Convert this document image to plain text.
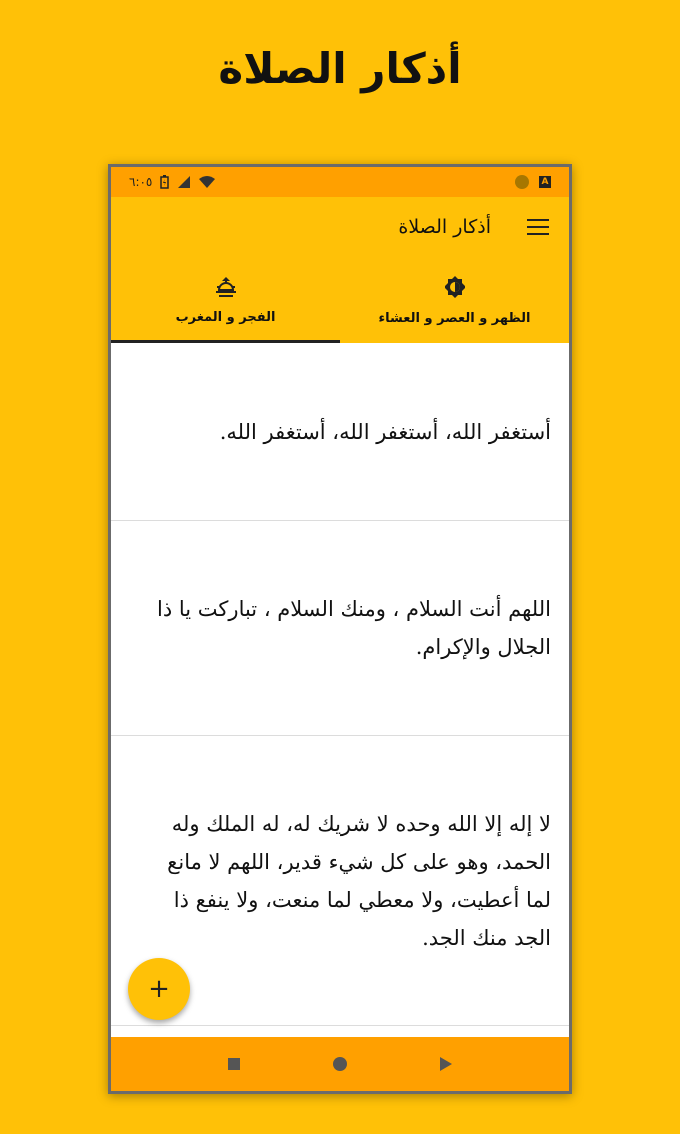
أذكار الصلاة
٦:٠٥	A
أذكار الصلاة
الفجر و المغرب	الظهر و العصر و العشاء

أستغفر الله، أستغفر الله، أستغفر الله.

اللهم أنت السلام ، ومنك السلام ، تباركت يا ذا الجلال والإكرام.

لا إله إلا الله وحده لا شريك له، له الملك وله الحمد، وهو على كل شيء قدير، اللهم لا مانع لما أعطيت، ولا معطي لما منعت، ولا ينفع ذا الجد منك الجد.

+
